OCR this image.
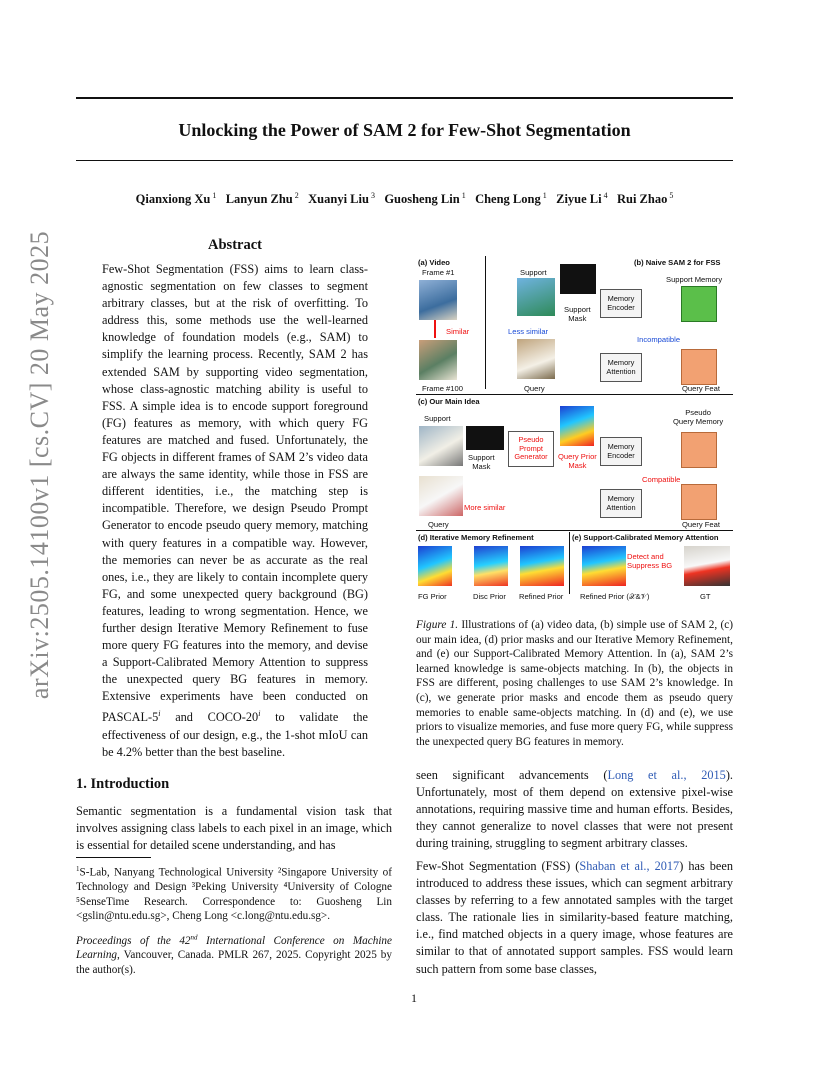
arXiv:2505.14100v1 [cs.CV] 20 May 2025
Unlocking the Power of SAM 2 for Few-Shot Segmentation
Qianxiong Xu $^1$ Lanyun Zhu $^2$ Xuanyi Liu $^3$ Guosheng Lin $^1$ Cheng Long $^1$ Ziyue Li $^4$ Rui Zhao $^5$
Abstract
Few-Shot Segmentation (FSS) aims to learn class-agnostic segmentation on few classes to segment arbitrary classes, but at the risk of overfitting. To address this, some methods use the well-learned knowledge of foundation models (e.g., SAM) to simplify the learning process. Recently, SAM 2 has extended SAM by supporting video segmentation, whose class-agnostic matching ability is useful to FSS. A simple idea is to encode support foreground (FG) features as memory, with which query FG features are matched and fused. Unfortunately, the FG objects in different frames of SAM 2’s video data are always the same identity, while those in FSS are different identities, i.e., the matching step is incompatible. Therefore, we design Pseudo Prompt Generator to encode pseudo query memory, matching with query features in a compatible way. However, the memories can never be as accurate as the real ones, i.e., they are likely to contain incomplete query FG, and some unexpected query background (BG) features, leading to wrong segmentation. Hence, we further design Iterative Memory Refinement to fuse more query FG features into the memory, and devise a Support-Calibrated Memory Attention to suppress the unexpected query BG features in memory. Extensive experiments have been conducted on PASCAL-5$^i$ and COCO-20$^i$ to validate the effectiveness of our design, e.g., the 1-shot mIoU can be 4.2% better than the best baseline.
1. Introduction

Semantic segmentation is a fundamental vision task that involves assigning class labels to each pixel in an image, which is essential for detailed scene understanding, and has

$^1$S-Lab, Nanyang Technological University ²Singapore University of Technology and Design ³Peking University ⁴University of Cologne ⁵SenseTime Research. Correspondence to: Guosheng Lin <gslin@ntu.edu.sg>, Cheng Long <c.long@ntu.edu.sg>.
Proceedings of the 42nd International Conference on Machine Learning, Vancouver, Canada. PMLR 267, 2025. Copyright 2025 by the author(s).
(a) Video
Frame #1
Similar
Frame #100
Support
(b) Naive SAM 2 for FSS
Support
Mask
Less similar
Query
Memory
Encoder
Support Memory
Incompatible
Memory
Attention
Query Feat
(c) Our Main Idea
Support
Support
Mask
Pseudo
Prompt
Generator	Query Prior
Mask
Memory
Encoder
Pseudo
Query Memory
Compatible
More similar
Memory
Attention
Query	Query Feat
(d) Iterative Memory Refinement	(e) Support-Calibrated Memory Attention
Detect and
Suppress BG
FG Prior	Disc Prior Refined Prior Refined Prior (𝒳&𝒱)	GT
Figure 1. Illustrations of (a) video data, (b) simple use of SAM 2, (c) our main idea, (d) prior masks and our Iterative Memory Refinement, and (e) our Support-Calibrated Memory Attention. In (a), SAM 2’s learned knowledge is same-objects matching. In (b), the objects in FSS are different, posing challenges to use SAM 2’s knowledge. In (c), we generate prior masks and encode them as pseudo query memories to enable same-objects matching. In (d) and (e), we use priors to visualize memories, and fuse more query FG, while suppress the unexpected query BG features in memory.

seen significant advancements (Long et al., 2015). Unfortunately, most of them depend on extensive pixel-wise annotations, requiring massive time and human efforts. Besides, they cannot generalize to novel classes that were not present during training, struggling to segment arbitrary classes.

Few-Shot Segmentation (FSS) (Shaban et al., 2017) has been introduced to address these issues, which can segment arbitrary classes by referring to a few annotated samples with the target class. The rationale lies in similarity-based feature matching, i.e., find matched objects in a query image, whose features are similar to that of annotated support samples. FSS would learn such pattern from some base classes,

1
